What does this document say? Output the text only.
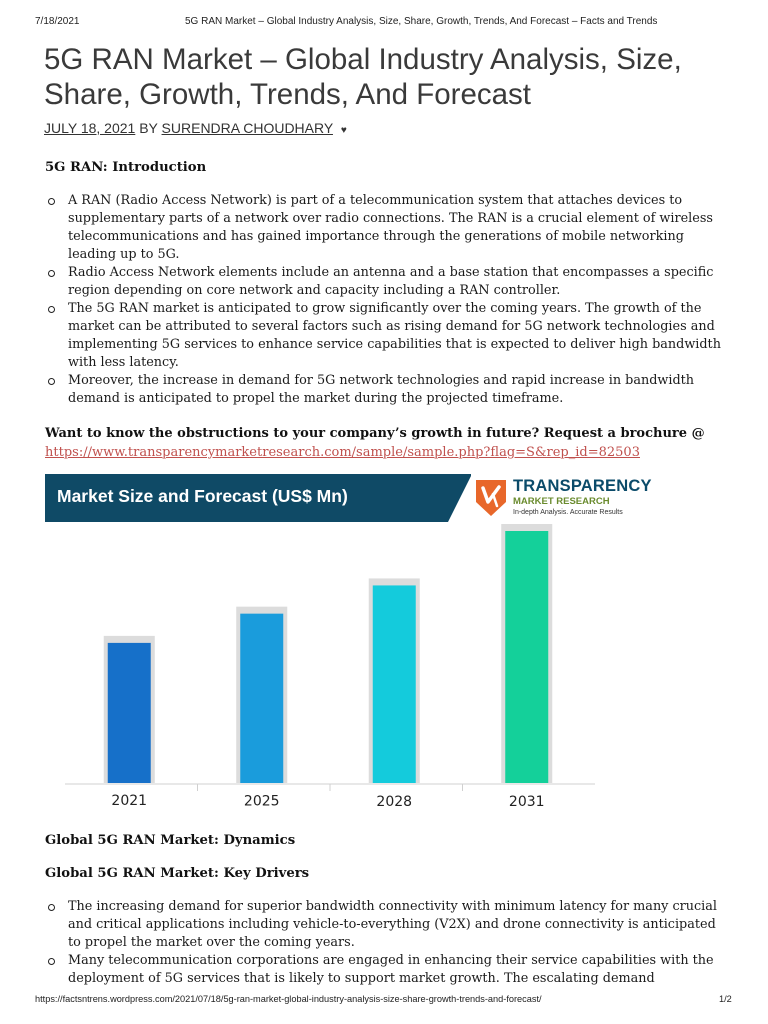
7/18/2021	5G RAN Market – Global Industry Analysis, Size, Share, Growth, Trends, And Forecast – Facts and Trends
5G RAN Market – Global Industry Analysis, Size, Share, Growth, Trends, And Forecast
JULY 18, 2021 BY SURENDRA CHOUDHARY ♥
5G RAN: Introduction
A RAN (Radio Access Network) is part of a telecommunication system that attaches devices to supplementary parts of a network over radio connections. The RAN is a crucial element of wireless telecommunications and has gained importance through the generations of mobile networking leading up to 5G.
Radio Access Network elements include an antenna and a base station that encompasses a specific region depending on core network and capacity including a RAN controller.
The 5G RAN market is anticipated to grow significantly over the coming years. The growth of the market can be attributed to several factors such as rising demand for 5G network technologies and implementing 5G services to enhance service capabilities that is expected to deliver high bandwidth with less latency.
Moreover, the increase in demand for 5G network technologies and rapid increase in bandwidth demand is anticipated to propel the market during the projected timeframe.
Want to know the obstructions to your company’s growth in future? Request a brochure @
https://www.transparencymarketresearch.com/sample/sample.php?flag=S&rep_id=82503
Market Size and Forecast (US$ Mn)	TRANSPARENCY
MARKET RESEARCH
In-depth Analysis. Accurate Results
2021	2025	2028	2031
Global 5G RAN Market: Dynamics
Global 5G RAN Market: Key Drivers
The increasing demand for superior bandwidth connectivity with minimum latency for many crucial and critical applications including vehicle-to-everything (V2X) and drone connectivity is anticipated to propel the market over the coming years.
Many telecommunication corporations are engaged in enhancing their service capabilities with the deployment of 5G services that is likely to support market growth. The escalating demand
https://factsntrens.wordpress.com/2021/07/18/5g-ran-market-global-industry-analysis-size-share-growth-trends-and-forecast/	1/2
